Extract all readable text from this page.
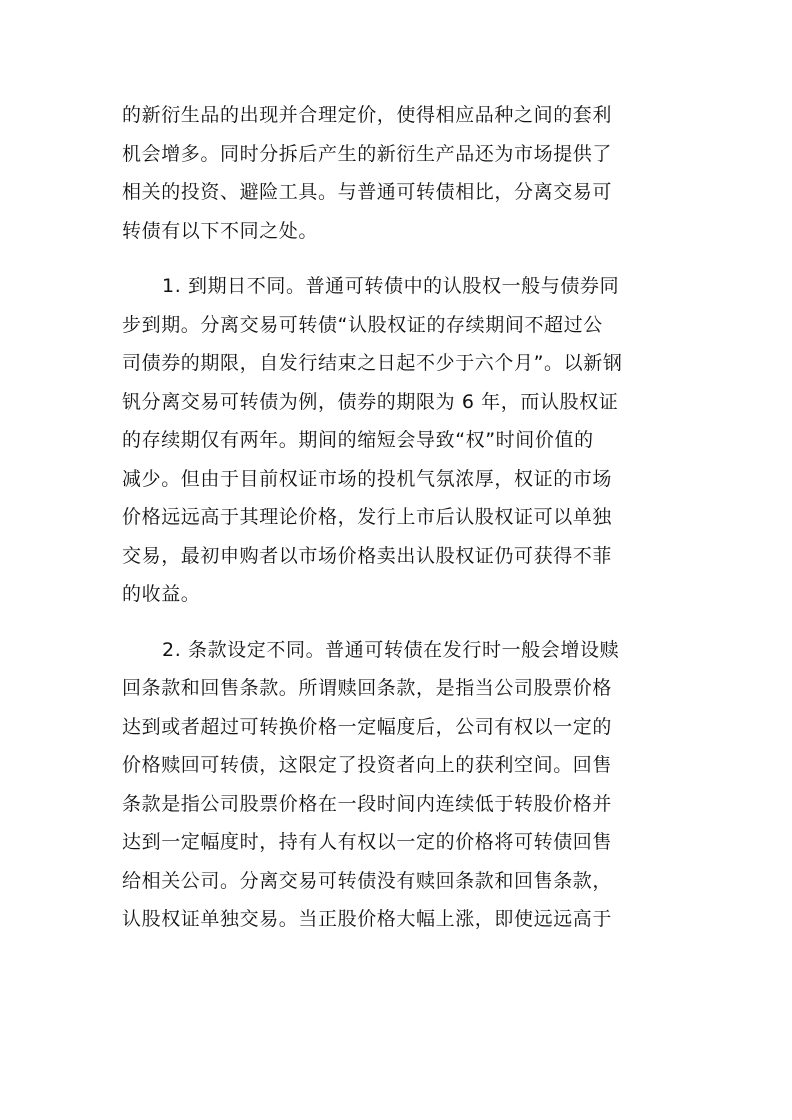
的新衍生品的出现并合理定价，使得相应品种之间的套利
机会增多。同时分拆后产生的新衍生产品还为市场提供了
相关的投资、避险工具。与普通可转债相比，分离交易可
转债有以下不同之处。
1. 到期日不同。普通可转债中的认股权一般与债券同
步到期。分离交易可转债“认股权证的存续期间不超过公
司债券的期限，自发行结束之日起不少于六个月”。以新钢
钒分离交易可转债为例，债券的期限为 6 年，而认股权证
的存续期仅有两年。期间的缩短会导致“权”时间价值的
减少。但由于目前权证市场的投机气氛浓厚，权证的市场
价格远远高于其理论价格，发行上市后认股权证可以单独
交易，最初申购者以市场价格卖出认股权证仍可获得不菲
的收益。
2. 条款设定不同。普通可转债在发行时一般会增设赎
回条款和回售条款。所谓赎回条款，是指当公司股票价格
达到或者超过可转换价格一定幅度后，公司有权以一定的
价格赎回可转债，这限定了投资者向上的获利空间。回售
条款是指公司股票价格在一段时间内连续低于转股价格并
达到一定幅度时，持有人有权以一定的价格将可转债回售
给相关公司。分离交易可转债没有赎回条款和回售条款，
认股权证单独交易。当正股价格大幅上涨，即使远远高于
